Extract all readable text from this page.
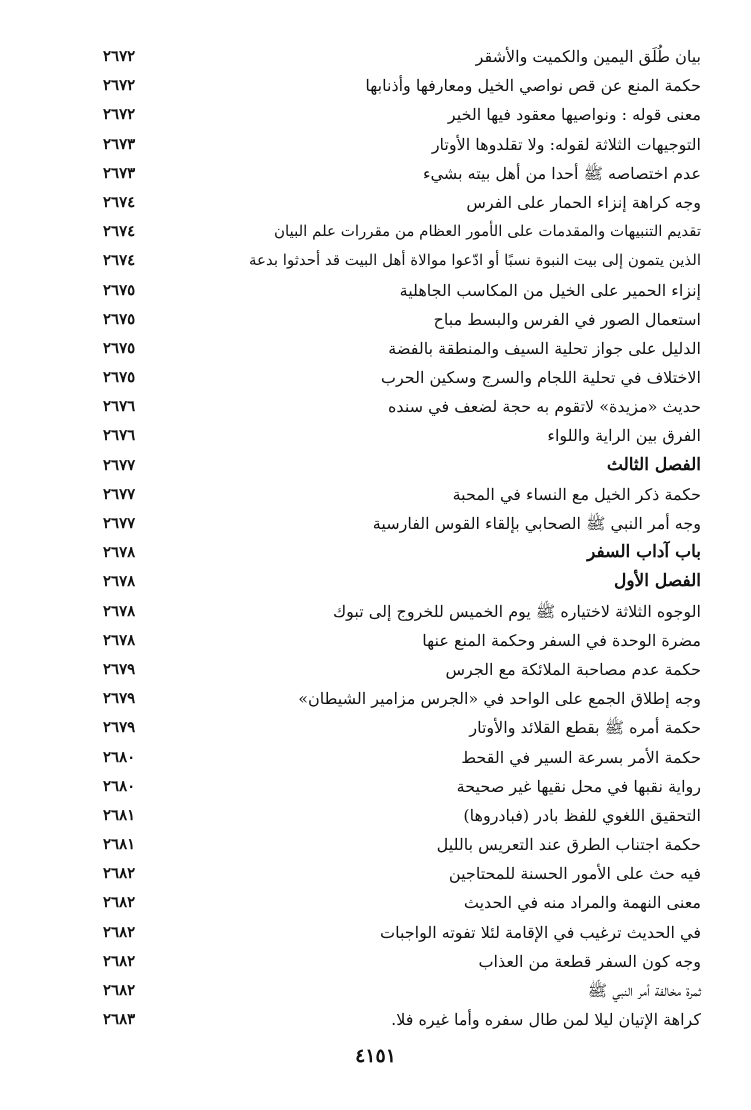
بيان طُلَق اليمين والكميت والأشقر
٢٦٧٢
حكمة المنع عن قص نواصي الخيل ومعارفها وأذنابها
٢٦٧٢
معنى قوله : ونواصيها معقود فيها الخير
٢٦٧٢
التوجيهات الثلاثة لقوله: ولا تقلدوها الأوتار
٢٦٧٣
عدم اختصاصه ﷺ أحدا من أهل بيته بشيء
٢٦٧٣
وجه كراهة إنزاء الحمار على الفرس
٢٦٧٤
تقديم التنبيهات والمقدمات على الأمور العظام من مقررات علم البيان
٢٦٧٤
الذين يتمون إلى بيت النبوة نسبًا أو ادّعوا موالاة أهل البيت قد أحدثوا بدعة
٢٦٧٤
إنزاء الحمير على الخيل من المكاسب الجاهلية
٢٦٧٥
استعمال الصور في الفرس والبسط مباح
٢٦٧٥
الدليل على جواز تحلية السيف والمنطقة بالفضة
٢٦٧٥
الاختلاف في تحلية اللجام والسرج وسكين الحرب
٢٦٧٥
حديث «مزيدة» لاتقوم به حجة لضعف في سنده
٢٦٧٦
الفرق بين الراية واللواء
٢٦٧٦
الفصل الثالث
٢٦٧٧
حكمة ذكر الخيل مع النساء في المحبة
٢٦٧٧
وجه أمر النبي ﷺ الصحابي بإلقاء القوس الفارسية
٢٦٧٧
باب آداب السفر
٢٦٧٨
الفصل الأول
٢٦٧٨
الوجوه الثلاثة لاختياره ﷺ يوم الخميس للخروج إلى تبوك
٢٦٧٨
مضرة الوحدة في السفر وحكمة المنع عنها
٢٦٧٨
حكمة عدم مصاحبة الملائكة مع الجرس
٢٦٧٩
وجه إطلاق الجمع على الواحد في «الجرس مزامير الشيطان»
٢٦٧٩
حكمة أمره ﷺ بقطع القلائد والأوتار
٢٦٧٩
حكمة الأمر بسرعة السير في القحط
٢٦٨٠
رواية نقبها في محل نقيها غير صحيحة
٢٦٨٠
التحقيق اللغوي للفظ بادر (فبادروها)
٢٦٨١
حكمة اجتناب الطرق عند التعريس بالليل
٢٦٨١
فيه حث على الأمور الحسنة للمحتاجين
٢٦٨٢
معنى النهمة والمراد منه في الحديث
٢٦٨٢
في الحديث ترغيب في الإقامة لئلا تفوته الواجبات
٢٦٨٢
وجه كون السفر قطعة من العذاب
٢٦٨٢
ثمرة مخالفة أمر النبي ﷺ
٢٦٨٢
كراهة الإتيان ليلا لمن طال سفره وأما غيره فلا.
٢٦٨٣
٤١٥١
